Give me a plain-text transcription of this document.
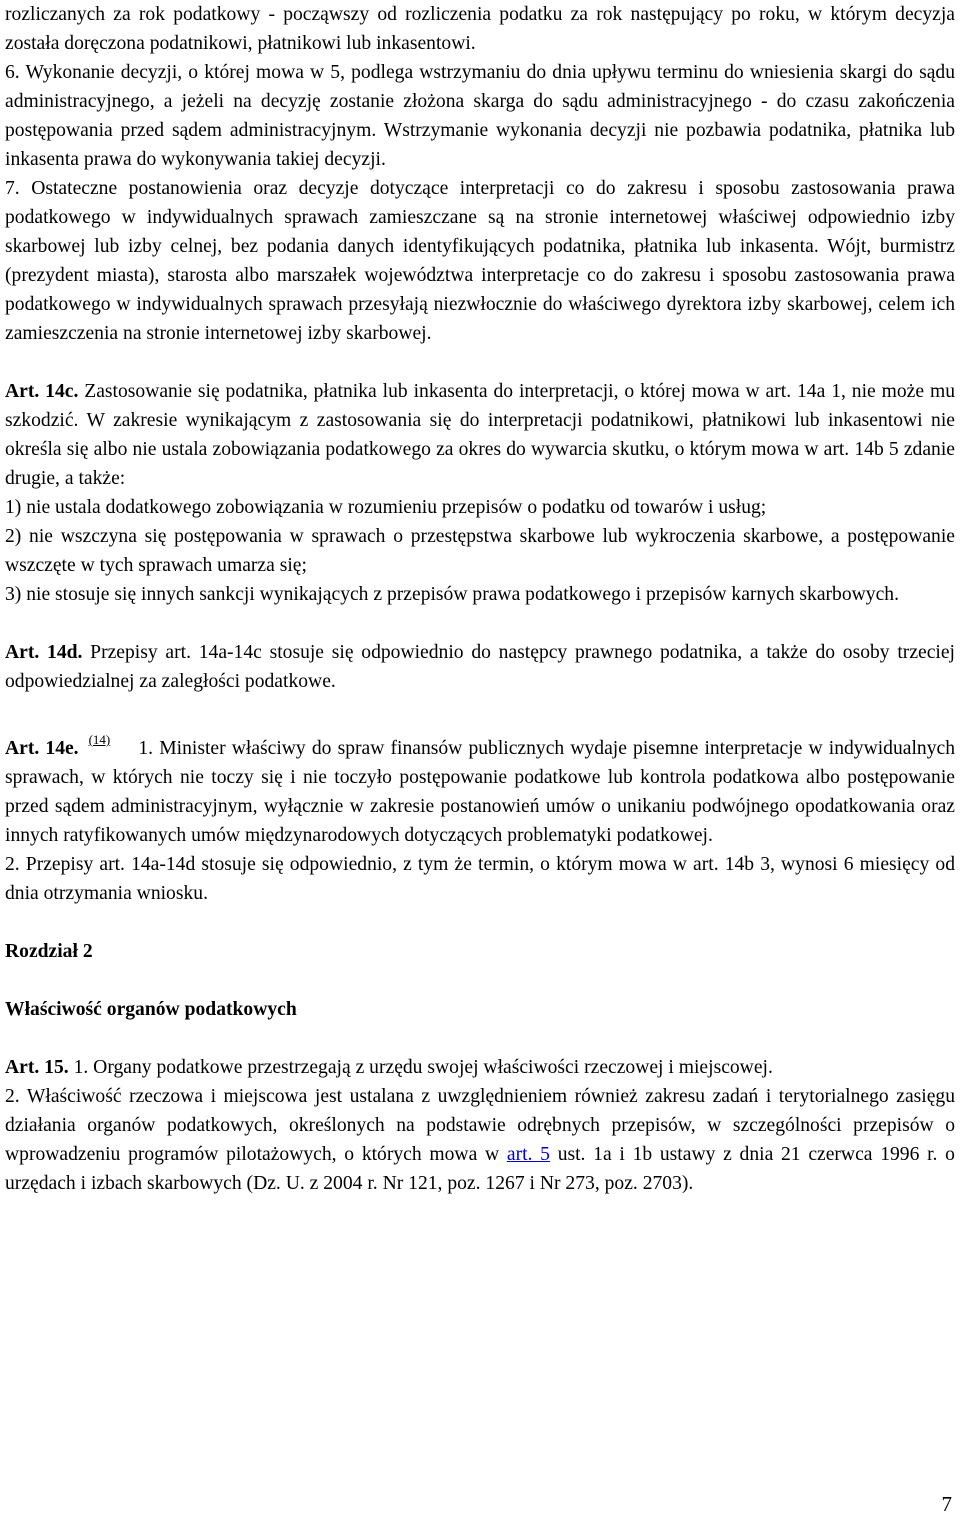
rozliczanych za rok podatkowy - począwszy od rozliczenia podatku za rok następujący po roku, w którym decyzja została doręczona podatnikowi, płatnikowi lub inkasentowi.

6. Wykonanie decyzji, o której mowa w 5, podlega wstrzymaniu do dnia upływu terminu do wniesienia skargi do sądu administracyjnego, a jeżeli na decyzję zostanie złożona skarga do sądu administracyjnego - do czasu zakończenia postępowania przed sądem administracyjnym. Wstrzymanie wykonania decyzji nie pozbawia podatnika, płatnika lub inkasenta prawa do wykonywania takiej decyzji.

7. Ostateczne postanowienia oraz decyzje dotyczące interpretacji co do zakresu i sposobu zastosowania prawa podatkowego w indywidualnych sprawach zamieszczane są na stronie internetowej właściwej odpowiednio izby skarbowej lub izby celnej, bez podania danych identyfikujących podatnika, płatnika lub inkasenta. Wójt, burmistrz (prezydent miasta), starosta albo marszałek województwa interpretacje co do zakresu i sposobu zastosowania prawa podatkowego w indywidualnych sprawach przesyłają niezwłocznie do właściwego dyrektora izby skarbowej, celem ich zamieszczenia na stronie internetowej izby skarbowej.

Art. 14c. Zastosowanie się podatnika, płatnika lub inkasenta do interpretacji, o której mowa w art. 14a 1, nie może mu szkodzić. W zakresie wynikającym z zastosowania się do interpretacji podatnikowi, płatnikowi lub inkasentowi nie określa się albo nie ustala zobowiązania podatkowego za okres do wywarcia skutku, o którym mowa w art. 14b 5 zdanie drugie, a także:

1) nie ustala dodatkowego zobowiązania w rozumieniu przepisów o podatku od towarów i usług;

2) nie wszczyna się postępowania w sprawach o przestępstwa skarbowe lub wykroczenia skarbowe, a postępowanie wszczęte w tych sprawach umarza się;

3) nie stosuje się innych sankcji wynikających z przepisów prawa podatkowego i przepisów karnych skarbowych.

Art. 14d. Przepisy art. 14a-14c stosuje się odpowiednio do następcy prawnego podatnika, a także do osoby trzeciej odpowiedzialnej za zaległości podatkowe.

Art. 14e. $^{(14)}$ 1. Minister właściwy do spraw finansów publicznych wydaje pisemne interpretacje w indywidualnych sprawach, w których nie toczy się i nie toczyło postępowanie podatkowe lub kontrola podatkowa albo postępowanie przed sądem administracyjnym, wyłącznie w zakresie postanowień umów o unikaniu podwójnego opodatkowania oraz innych ratyfikowanych umów międzynarodowych dotyczących problematyki podatkowej.

2. Przepisy art. 14a-14d stosuje się odpowiednio, z tym że termin, o którym mowa w art. 14b 3, wynosi 6 miesięcy od dnia otrzymania wniosku.

Rozdział 2

Właściwość organów podatkowych

Art. 15. 1. Organy podatkowe przestrzegają z urzędu swojej właściwości rzeczowej i miejscowej.

2. Właściwość rzeczowa i miejscowa jest ustalana z uwzględnieniem również zakresu zadań i terytorialnego zasięgu działania organów podatkowych, określonych na podstawie odrębnych przepisów, w szczególności przepisów o wprowadzeniu programów pilotażowych, o których mowa w art. 5 ust. 1a i 1b ustawy z dnia 21 czerwca 1996 r. o urzędach i izbach skarbowych (Dz. U. z 2004 r. Nr 121, poz. 1267 i Nr 273, poz. 2703).

7
